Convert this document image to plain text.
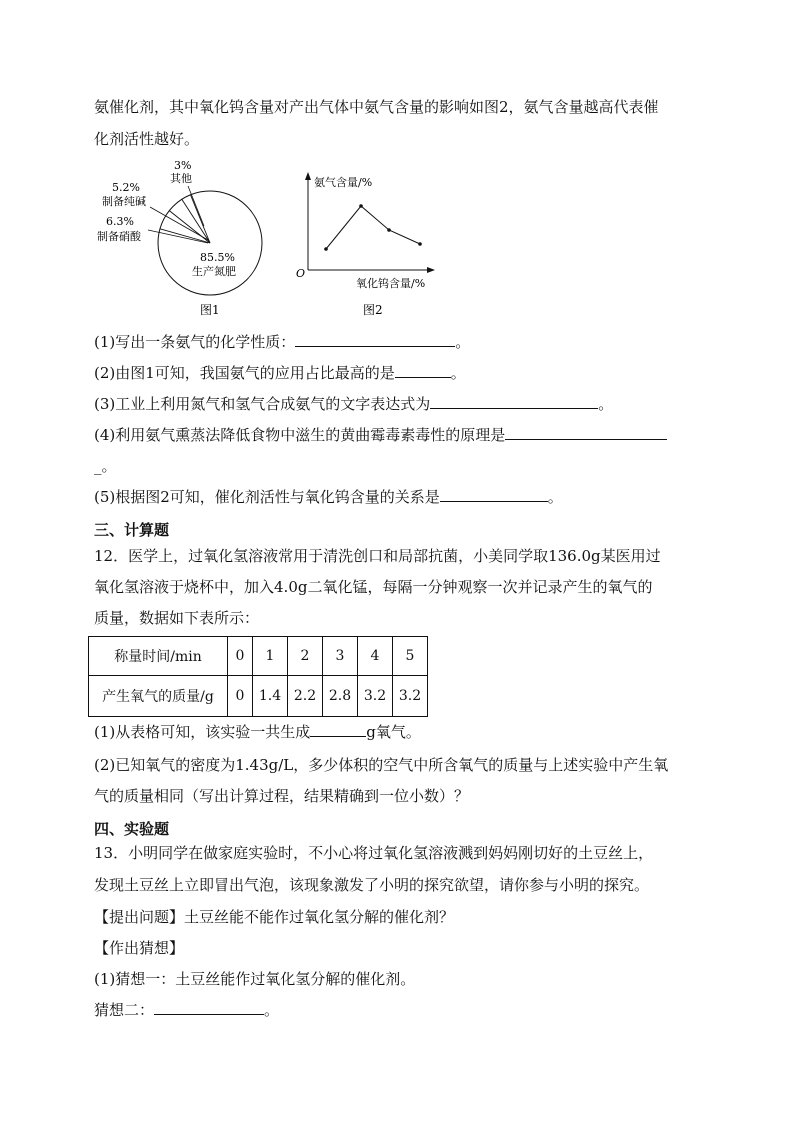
氨催化剂，其中氧化钨含量对产出气体中氨气含量的影响如图2，氨气含量越高代表催
化剂活性越好。
3%
其他
5.2%
制备纯碱
6.3%
制备硝酸
85.5%
生产氮肥
图1
氨气含量/%
氧化钨含量/%
O
图2
(1)写出一条氨气的化学性质：	。
(2)由图1可知，我国氨气的应用占比最高的是	。
(3)工业上利用氮气和氢气合成氨气的文字表达式为	。
(4)利用氨气熏蒸法降低食物中滋生的黄曲霉毒素毒性的原理是
_。
(5)根据图2可知，催化剂活性与氧化钨含量的关系是	。
三、计算题
12．医学上，过氧化氢溶液常用于清洗创口和局部抗菌，小美同学取136.0g某医用过
氧化氢溶液于烧杯中，加入4.0g二氧化锰，每隔一分钟观察一次并记录产生的氧气的
质量，数据如下表所示：
称量时间/min	0	1	2	3	4	5
产生氧气的质量/g	0	1.4	2.2	2.8	3.2	3.2
(1)从表格可知，该实验一共生成	g氧气。
(2)已知氧气的密度为1.43g/L，多少体积的空气中所含氧气的质量与上述实验中产生氧
气的质量相同（写出计算过程，结果精确到一位小数）？
四、实验题
13．小明同学在做家庭实验时，不小心将过氧化氢溶液溅到妈妈刚切好的土豆丝上，
发现土豆丝上立即冒出气泡，该现象激发了小明的探究欲望，请你参与小明的探究。
【提出问题】土豆丝能不能作过氧化氢分解的催化剂？
【作出猜想】
(1)猜想一：土豆丝能作过氧化氢分解的催化剂。
猜想二：	。
